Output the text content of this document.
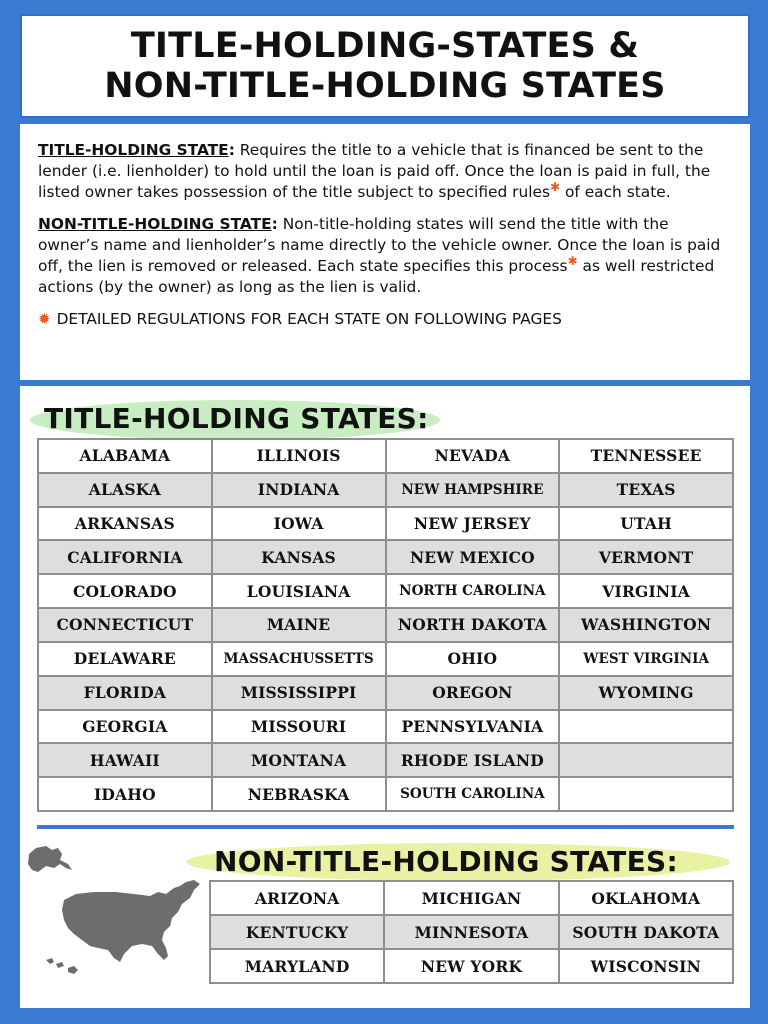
TITLE-HOLDING-STATES &
NON-TITLE-HOLDING STATES

TITLE-HOLDING STATE: Requires the title to a vehicle that is financed be sent to the lender (i.e. lienholder) to hold until the loan is paid off. Once the loan is paid in full, the listed owner takes possession of the title subject to specified rules✱ of each state.

NON-TITLE-HOLDING STATE: Non-title-holding states will send the title with the owner’s name and lienholder’s name directly to the vehicle owner. Once the loan is paid off, the lien is removed or released. Each state specifies this process✱ as well restricted actions (by the owner) as long as the lien is valid.

✹ DETAILED REGULATIONS FOR EACH STATE ON FOLLOWING PAGES

TITLE-HOLDING STATES:
ALABAMA	ILLINOIS	NEVADA	TENNESSEE
ALASKA	INDIANA	NEW HAMPSHIRE	TEXAS
ARKANSAS	IOWA	NEW JERSEY	UTAH
CALIFORNIA	KANSAS	NEW MEXICO	VERMONT
COLORADO	LOUISIANA	NORTH CAROLINA	VIRGINIA
CONNECTICUT	MAINE	NORTH DAKOTA	WASHINGTON
DELAWARE	MASSACHUSSETTS	OHIO	WEST VIRGINIA
FLORIDA	MISSISSIPPI	OREGON	WYOMING
GEORGIA	MISSOURI	PENNSYLVANIA
HAWAII	MONTANA	RHODE ISLAND
IDAHO	NEBRASKA	SOUTH CAROLINA
NON-TITLE-HOLDING STATES:
ARIZONA	MICHIGAN	OKLAHOMA
KENTUCKY	MINNESOTA	SOUTH DAKOTA
MARYLAND	NEW YORK	WISCONSIN
